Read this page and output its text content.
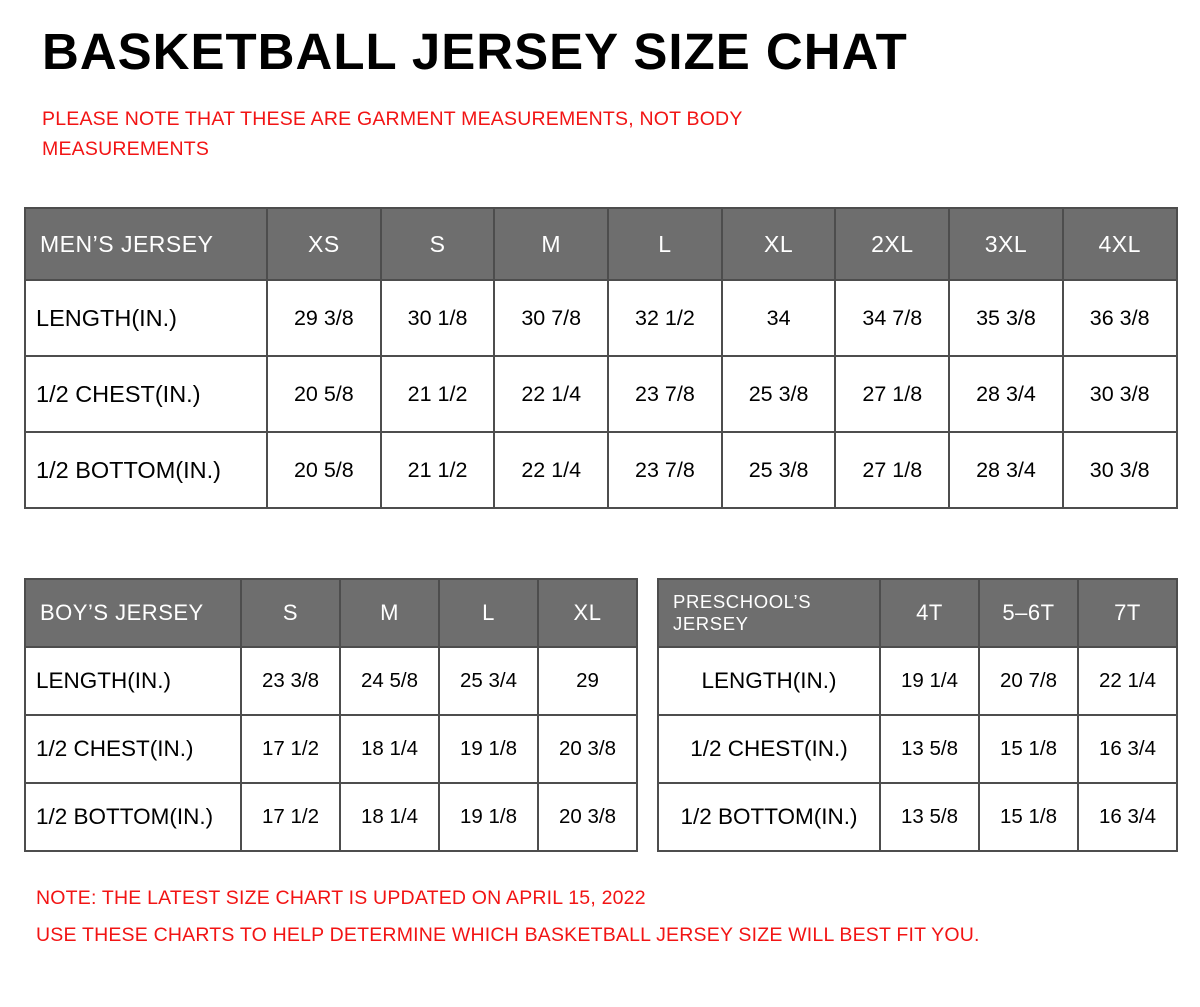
BASKETBALL JERSEY SIZE CHAT
PLEASE NOTE THAT THESE ARE GARMENT MEASUREMENTS, NOT BODY MEASUREMENTS
MEN’S JERSEY	XS	S	M	L	XL	2XL	3XL	4XL
LENGTH(IN.)	29 3/8	30 1/8	30 7/8	32 1/2	34	34 7/8	35 3/8	36 3/8
1/2 CHEST(IN.)	20 5/8	21 1/2	22 1/4	23 7/8	25 3/8	27 1/8	28 3/4	30 3/8
1/2 BOTTOM(IN.)	20 5/8	21 1/2	22 1/4	23 7/8	25 3/8	27 1/8	28 3/4	30 3/8
BOY’S JERSEY	S	M	L	XL
LENGTH(IN.)	23 3/8	24 5/8	25 3/4	29
1/2 CHEST(IN.)	17 1/2	18 1/4	19 1/8	20 3/8
1/2 BOTTOM(IN.)	17 1/2	18 1/4	19 1/8	20 3/8
PRESCHOOL’S JERSEY	4T	5–6T	7T
LENGTH(IN.)	19 1/4	20 7/8	22 1/4
1/2 CHEST(IN.)	13 5/8	15 1/8	16 3/4
1/2 BOTTOM(IN.)	13 5/8	15 1/8	16 3/4
NOTE: THE LATEST SIZE CHART IS UPDATED ON APRIL 15, 2022
USE THESE CHARTS TO HELP DETERMINE WHICH BASKETBALL JERSEY SIZE WILL BEST FIT YOU.
